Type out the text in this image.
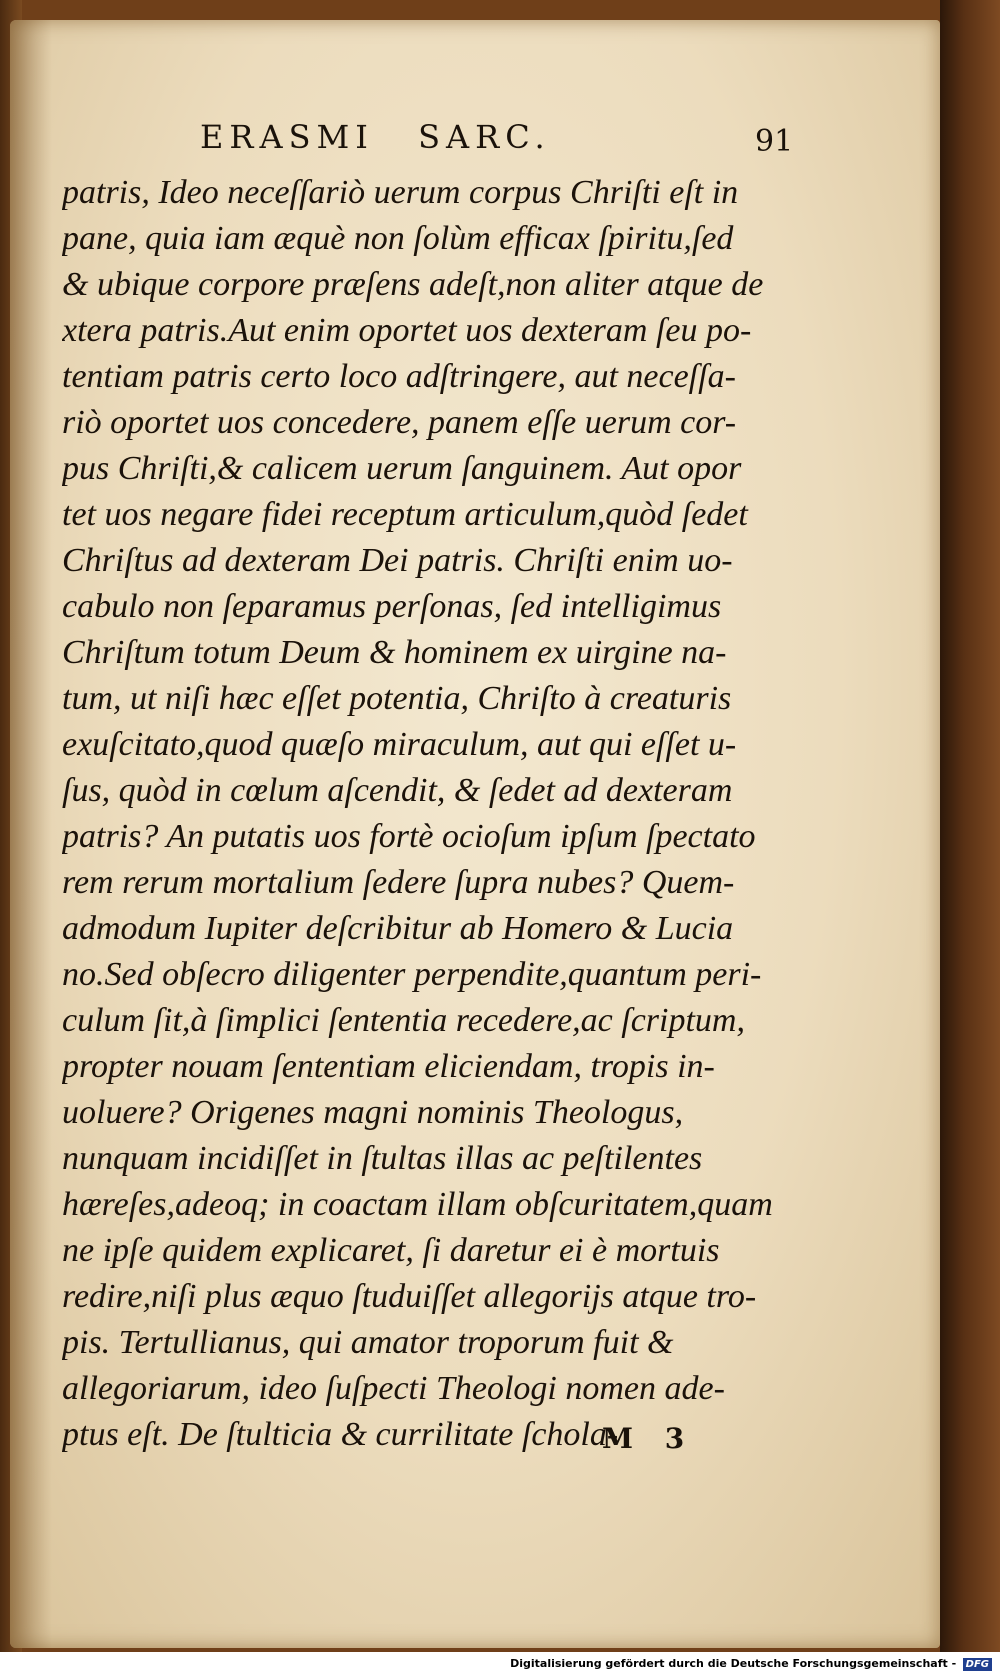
ERASMI SARC.	91
patris, Ideo neceſſariò uerum corpus Chriſti eſt in
pane, quia iam æquè non ſolùm efficax ſpiritu,ſed
& ubique corpore præſens adeſt,non aliter atque de
xtera patris.Aut enim oportet uos dexteram ſeu po-
tentiam patris certo loco adſtringere, aut neceſſa-
riò oportet uos concedere, panem eſſe uerum cor-
pus Chriſti,& calicem uerum ſanguinem. Aut opor
tet uos negare fidei receptum articulum,quòd ſedet
Chriſtus ad dexteram Dei patris. Chriſti enim uo-
cabulo non ſeparamus perſonas, ſed intelligimus
Chriſtum totum Deum & hominem ex uirgine na-
tum, ut niſi hæc eſſet potentia, Chriſto à creaturis
exuſcitato,quod quæſo miraculum, aut qui eſſet u-
ſus, quòd in cœlum aſcendit, & ſedet ad dexteram
patris? An putatis uos fortè ocioſum ipſum ſpectato
rem rerum mortalium ſedere ſupra nubes? Quem-
admodum Iupiter deſcribitur ab Homero & Lucia
no.Sed obſecro diligenter perpendite,quantum peri-
culum ſit,à ſimplici ſententia recedere,ac ſcriptum,
propter nouam ſententiam eliciendam, tropis in-
uoluere? Origenes magni nominis Theologus,
nunquam incidiſſet in ſtultas illas ac peſtilentes
hæreſes,adeoq; in coactam illam obſcuritatem,quam
ne ipſe quidem explicaret, ſi daretur ei è mortuis
redire,niſi plus æquo ſtuduiſſet allegorijs atque tro-
pis. Tertullianus, qui amator troporum fuit &
allegoriarum, ideo ſuſpecti Theologi nomen ade-
ptus eſt. De ſtulticia & currilitate ſchola-
M 3
Digitalisierung gefördert durch die Deutsche Forschungsgemeinschaft - DFG
